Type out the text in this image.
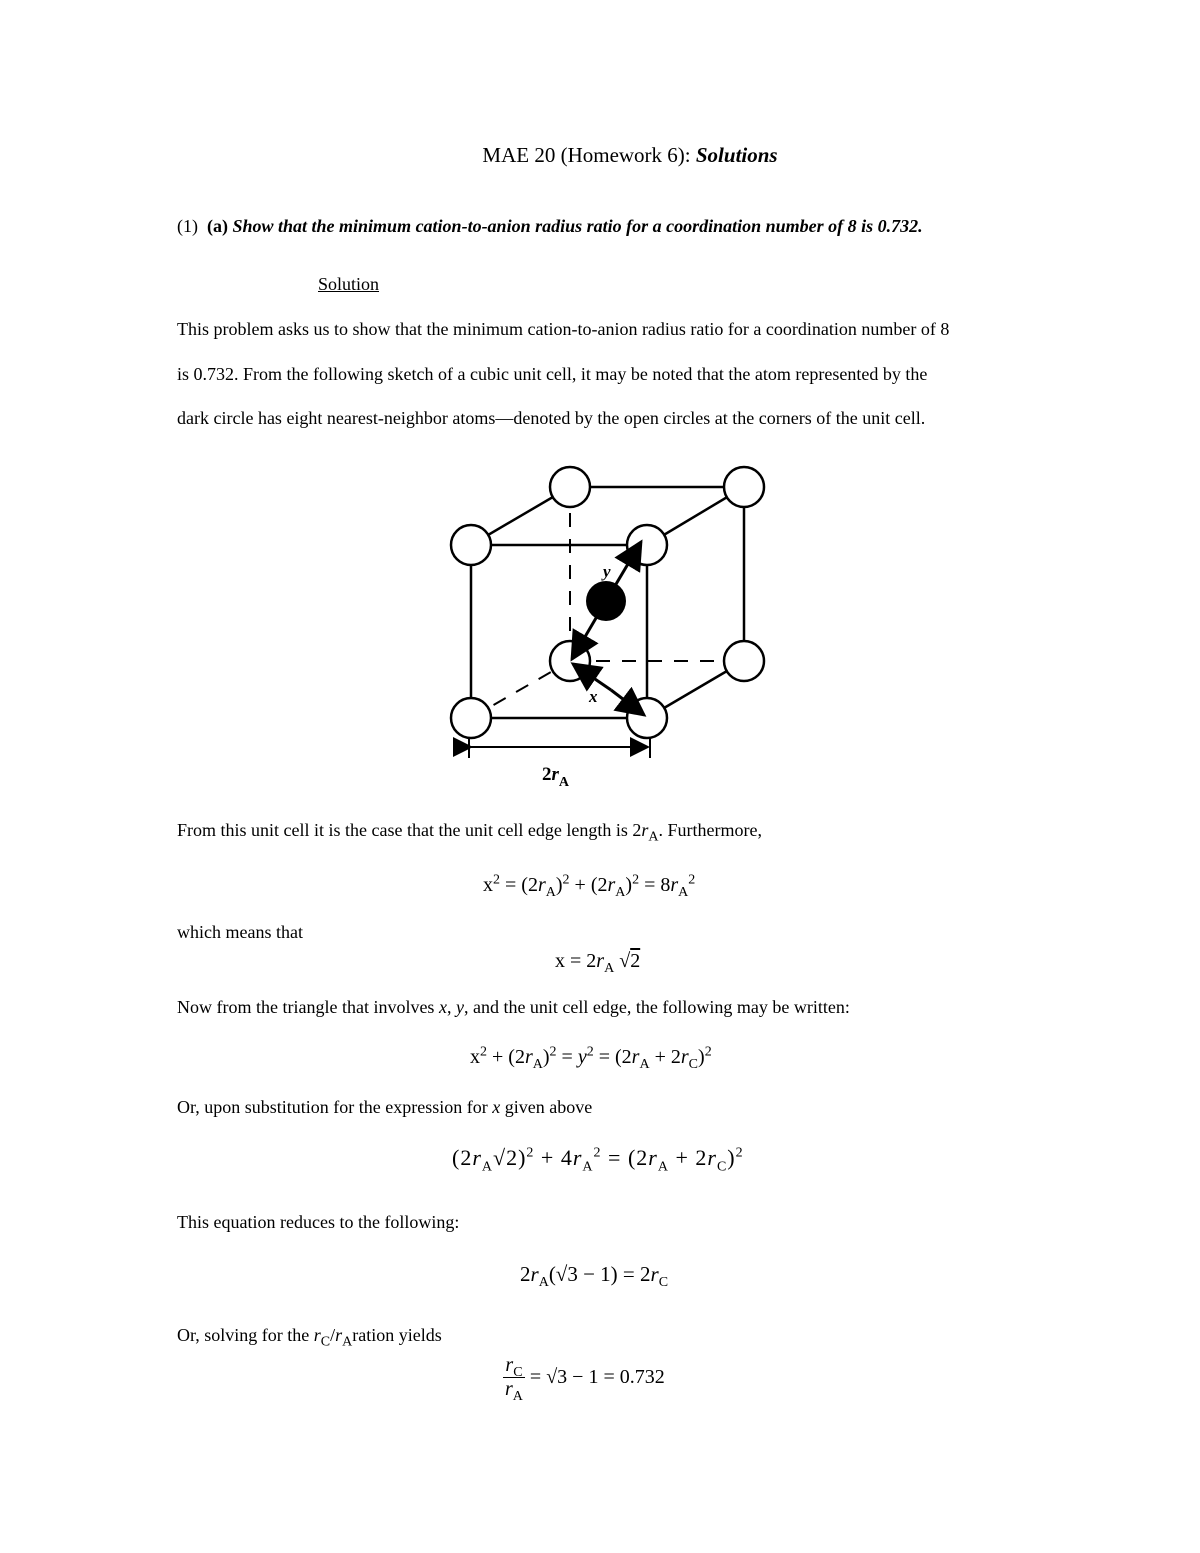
MAE 20 (Homework 6): Solutions
(1) (a) Show that the minimum cation-to-anion radius ratio for a coordination number of 8 is 0.732.
Solution
This problem asks us to show that the minimum cation-to-anion radius ratio for a coordination number of 8
is 0.732. From the following sketch of a cubic unit cell, it may be noted that the atom represented by the
dark circle has eight nearest-neighbor atoms—denoted by the open circles at the corners of the unit cell.
y
x
$2r_A$
From this unit cell it is the case that the unit cell edge length is $2r_A$. Furthermore,
$x^2 = (2r_A)^2 + (2r_A)^2 = 8r_A^2$
which means that
$x = 2r_A$ √2
Now from the triangle that involves x, y, and the unit cell edge, the following may be written:
$x^2 + (2r_A)^2 = y^2 = (2r_A + 2r_C)^2$
Or, upon substitution for the expression for x given above
$(2r_A√2)^2 + 4r_A^2 = (2r_A + 2r_C)^2$
This equation reduces to the following:
$2r_A(√3 - 1) = 2r_C$
Or, solving for the $r_C/r_Aration$ yields
$\frac{r_C}{r_A} = √3 - 1 = 0.732$
